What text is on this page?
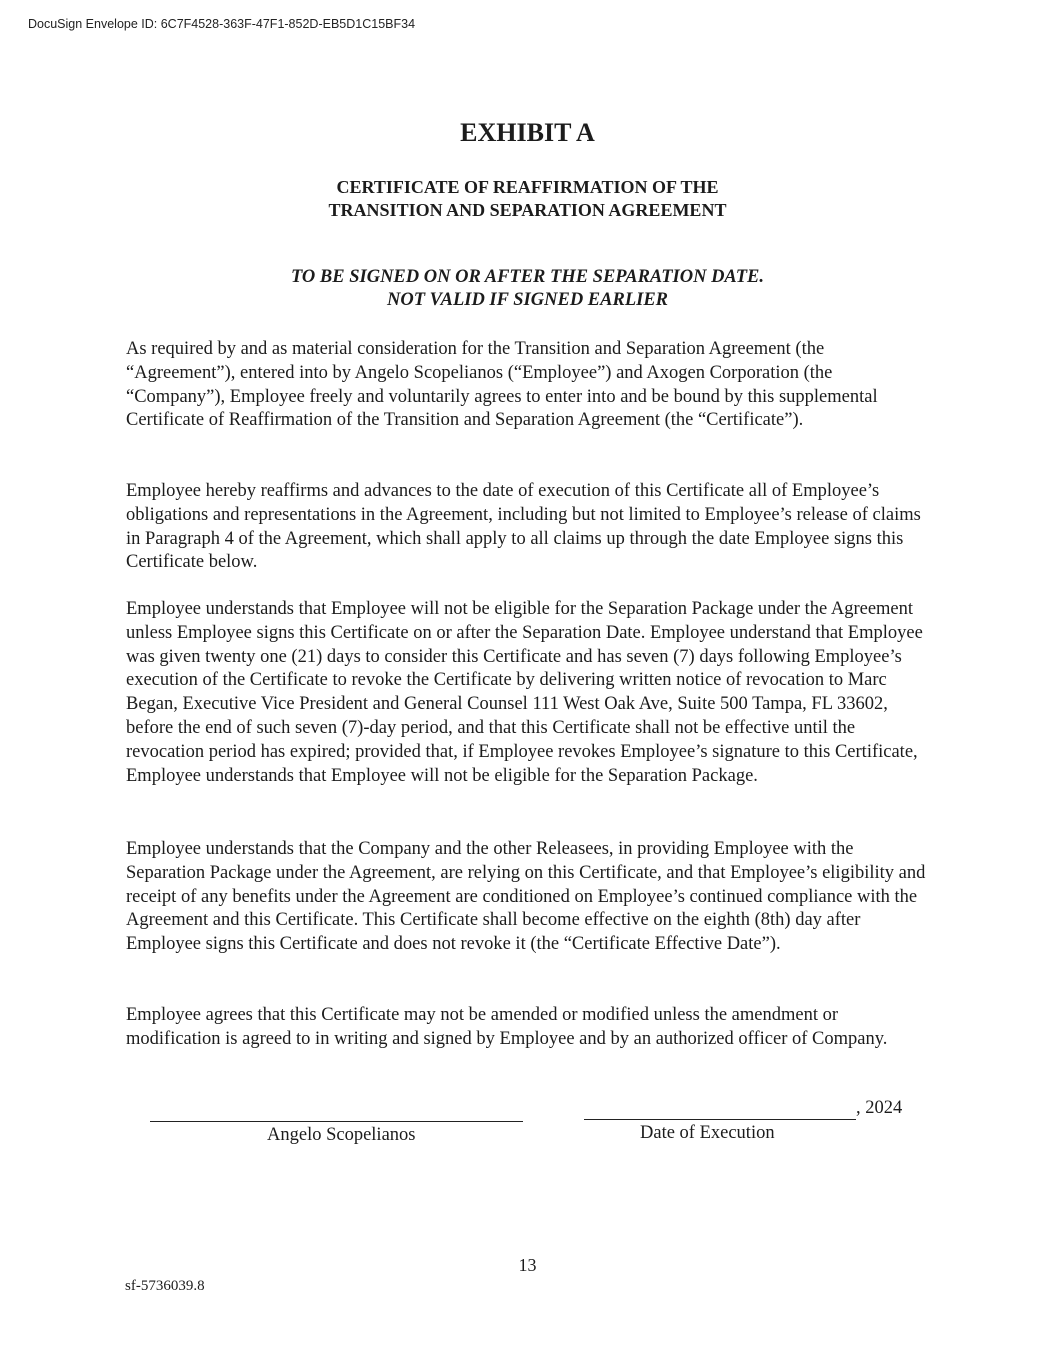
DocuSign Envelope ID: 6C7F4528-363F-47F1-852D-EB5D1C15BF34
EXHIBIT A
CERTIFICATE OF REAFFIRMATION OF THE
TRANSITION AND SEPARATION AGREEMENT
TO BE SIGNED ON OR AFTER THE SEPARATION DATE.
NOT VALID IF SIGNED EARLIER

As required by and as material consideration for the Transition and Separation Agreement (the “Agreement”), entered into by Angelo Scopelianos (“Employee”) and Axogen Corporation (the “Company”), Employee freely and voluntarily agrees to enter into and be bound by this supplemental Certificate of Reaffirmation of the Transition and Separation Agreement (the “Certificate”).

Employee hereby reaffirms and advances to the date of execution of this Certificate all of Employee’s obligations and representations in the Agreement, including but not limited to Employee’s release of claims in Paragraph 4 of the Agreement, which shall apply to all claims up through the date Employee signs this Certificate below.

Employee understands that Employee will not be eligible for the Separation Package under the Agreement unless Employee signs this Certificate on or after the Separation Date. Employee understand that Employee was given twenty one (21) days to consider this Certificate and has seven (7) days following Employee’s execution of the Certificate to revoke the Certificate by delivering written notice of revocation to Marc Began, Executive Vice President and General Counsel 111 West Oak Ave, Suite 500 Tampa, FL 33602, before the end of such seven (7)-day period, and that this Certificate shall not be effective until the revocation period has expired; provided that, if Employee revokes Employee’s signature to this Certificate, Employee understands that Employee will not be eligible for the Separation Package.

Employee understands that the Company and the other Releasees, in providing Employee with the Separation Package under the Agreement, are relying on this Certificate, and that Employee’s eligibility and receipt of any benefits under the Agreement are conditioned on Employee’s continued compliance with the Agreement and this Certificate. This Certificate shall become effective on the eighth (8th) day after Employee signs this Certificate and does not revoke it (the “Certificate Effective Date”).

Employee agrees that this Certificate may not be amended or modified unless the amendment or modification is agreed to in writing and signed by Employee and by an authorized officer of Company.

Angelo Scopelianos
, 2024
Date of Execution
13
sf-5736039.8
